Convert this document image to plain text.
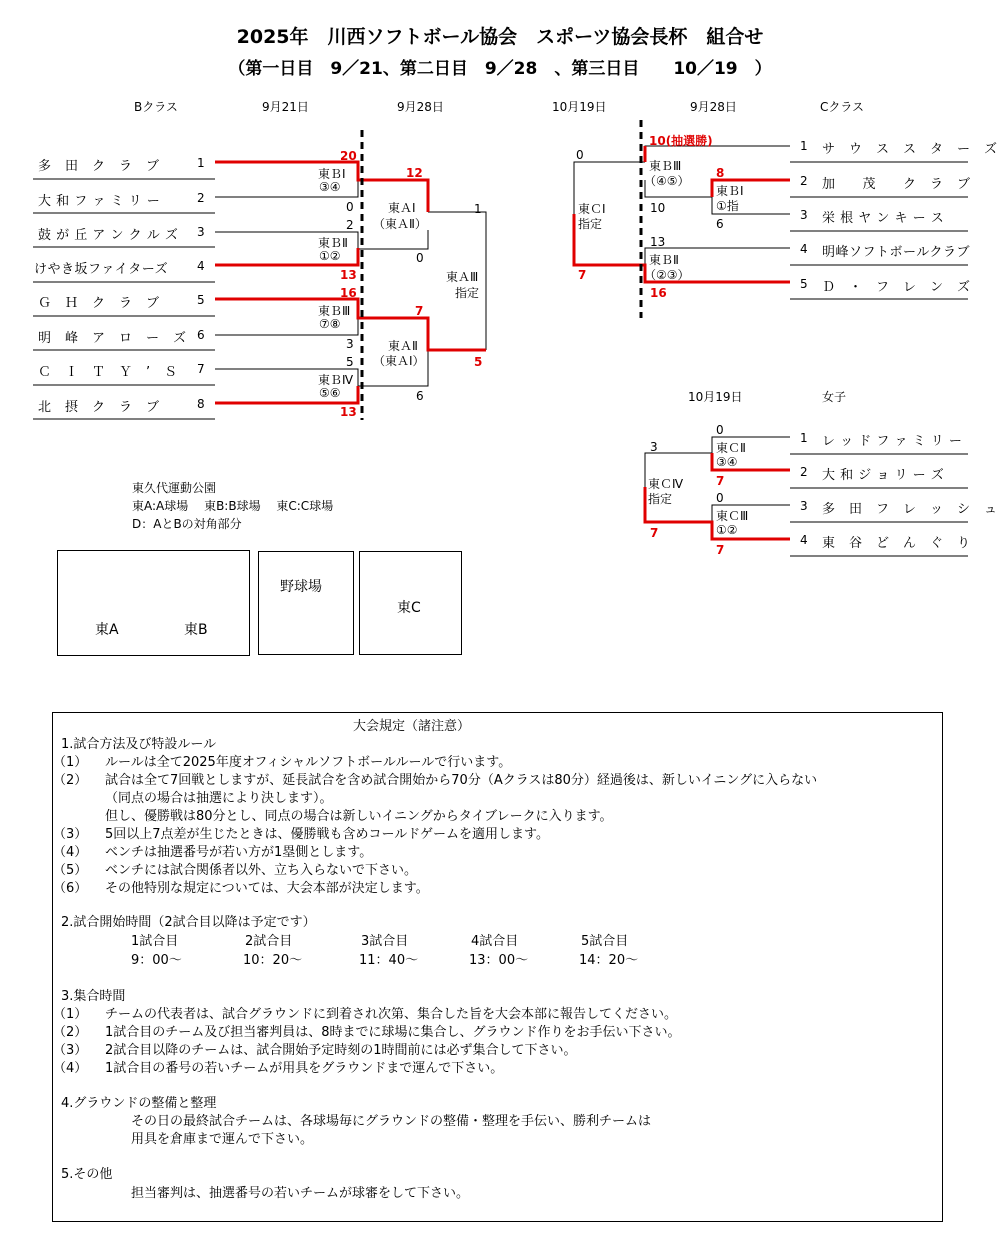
2025年　川西ソフトボール協会　スポーツ協会長杯　組合せ
（第一日目　9／21、第二日目　9／28　、第三日目　　10／19　）
Bクラス	9月21日	9月28日
多　田　ク　ラ　ブ	1
大 和 フ ァ ミ リ ー	2
鼓 が 丘 ア ン ク ル ズ 3
けやき坂ファイターズ 4
Ｇ　Ｈ　ク　ラ　ブ	5
明　峰　ア　ロ　ー　ズ 6
Ｃ　Ｉ　Ｔ　Ｙ　’　Ｓ 7
北　摂　ク　ラ　ブ	8
20
東ＢⅠ
③④
0
2
東ＢⅡ
①②
13
16
東ＢⅢ
⑦⑧
3
5
東ＢⅣ
⑤⑥
13
12
東ＡⅠ
（東ＡⅡ）
0
7
東ＡⅡ
（東ＡⅠ）
6
1
東ＡⅢ
指定
5
10月19日	9月28日	Cクラス
1 サ　ウ　ス　ス　タ　ー　ズ
2 加　　茂　　ク　ラ　ブ
3 栄 根 ヤ ン キ ー ス
4 明峰ソフトボールクラブ
5 Ｄ　・　フ　レ　ン　ズ
10(抽選勝)
東ＢⅢ
（④⑤）
10
13
東ＢⅡ
（②③）
16
8
東ＢⅠ
①指
6
0
東ＣⅠ
指定
7
10月19日	女子
1 レ ッ ド フ ァ ミ リ ー
2 大 和 ジ ョ リ ー ズ
3 多　田　フ　レ　ッ　シ　ュ
4 東　谷　ど　ん　ぐ　り
0
東ＣⅡ
③④
7
0
東ＣⅢ
①②
7
3
東ＣⅣ
指定
7
東久代運動公園
東A:A球場　 東B:B球場　 東C:C球場
D：AとBの対角部分
東A	東B
野球場
東C
大会規定（諸注意）
1.試合方法及び特設ルール
（1） ルールは全て2025年度オフィシャルソフトボールルールで行います。
（2） 試合は全て7回戦としますが、延長試合を含め試合開始から70分（Aクラスは80分）経過後は、新しいイニングに入らない
（同点の場合は抽選により決します）。
但し、優勝戦は80分とし、同点の場合は新しいイニングからタイブレークに入ります。
（3） 5回以上7点差が生じたときは、優勝戦も含めコールドゲームを適用します。
（4） ベンチは抽選番号が若い方が1塁側とします。
（5） ベンチには試合関係者以外、立ち入らないで下さい。
（6） その他特別な規定については、大会本部が決定します。
2.試合開始時間（2試合目以降は予定です）
1試合目	2試合目	3試合目	4試合目	5試合目
9：00～	10：20～	11：40～	13：00～	14：20～
3.集合時間
（1） チームの代表者は、試合グラウンドに到着され次第、集合した旨を大会本部に報告してください。
（2） 1試合目のチーム及び担当審判員は、8時までに球場に集合し、グラウンド作りをお手伝い下さい。
（3） 2試合目以降のチームは、試合開始予定時刻の1時間前には必ず集合して下さい。
（4） 1試合目の番号の若いチームが用具をグラウンドまで運んで下さい。
4.グラウンドの整備と整理
その日の最終試合チームは、各球場毎にグラウンドの整備・整理を手伝い、勝利チームは
用具を倉庫まで運んで下さい。
5.その他
担当審判は、抽選番号の若いチームが球審をして下さい。
